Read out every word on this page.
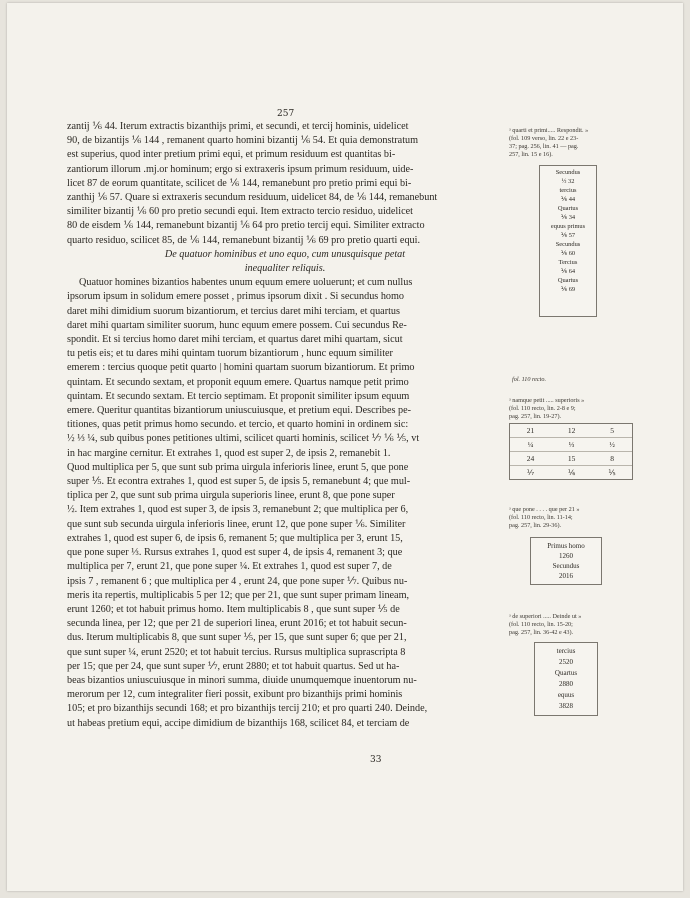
257

zantij ⅙ 44. Iterum extractis bizanthijs primi, et secundi, et tercij hominis, uidelicet

90, de bizantijs ⅙ 144 , remanent quarto homini bizantij ⅙ 54. Et quia demonstratum

est superius, quod inter pretium primi equi, et primum residuum est quantitas bi-

zantiorum illorum .mj.or hominum; ergo si extraxeris ipsum primum residuum, uide-

licet 87 de eorum quantitate, scilicet de ⅙ 144, remanebunt pro pretio primi equi bi-

zanthij ⅙ 57. Quare si extraxeris secundum residuum, uidelicet 84, de ⅙ 144, remanebunt

similiter bizantij ⅙ 60 pro pretio secundi equi. Item extracto tercio residuo, uidelicet

80 de eisdem ⅙ 144, remanebunt bizantij ⅙ 64 pro pretio tercij equi. Similiter extracto

quarto residuo, scilicet 85, de ⅙ 144, remanebunt bizantij ⅙ 69 pro pretio quarti equi.

De quatuor hominibus et uno equo, cum unusquisque petat

inequaliter reliquis.

Quatuor homines bizantios habentes unum equum emere uoluerunt; et cum nullus

ipsorum ipsum in solidum emere posset , primus ipsorum dixit . Si secundus homo

daret mihi dimidium suorum bizantiorum, et tercius daret mihi terciam, et quartus

daret mihi quartam similiter suorum, hunc equum emere possem. Cui secundus Re-

spondit. Et si tercius homo daret mihi terciam, et quartus daret mihi quartam, sicut

tu petis eis; et tu dares mihi quintam tuorum bizantiorum , hunc equum similiter

emerem : tercius quoque petit quarto | homini quartam suorum bizantiorum. Et primo

quintam. Et secundo sextam, et proponit equum emere. Quartus namque petit primo

quintam. Et secundo sextam. Et tercio septimam. Et proponit similiter ipsum equum

emere. Queritur quantitas bizantiorum uniuscuiusque, et pretium equi. Describes pe-

titiones, quas petit primus homo secundo. et tercio, et quarto homini in ordinem sic:

½ ⅓ ¼, sub quibus pones petitiones ultimi, scilicet quarti hominis, scilicet ⅐ ⅙ ⅕, vt

in hac margine cernitur. Et extrahes 1, quod est super 2, de ipsis 2, remanebit 1.

Quod multiplica per 5, que sunt sub prima uirgula inferioris linee, erunt 5, que pone

super ⅕. Et econtra extrahes 1, quod est super 5, de ipsis 5, remanebunt 4; que mul-

tiplica per 2, que sunt sub prima uirgula superioris linee, erunt 8, que pone super

½. Item extrahes 1, quod est super 3, de ipsis 3, remanebunt 2; que multiplica per 6,

que sunt sub secunda uirgula inferioris linee, erunt 12, que pone super ⅙. Similiter

extrahes 1, quod est super 6, de ipsis 6, remanent 5; que multiplica per 3, erunt 15,

que pone super ⅓. Rursus extrahes 1, quod est super 4, de ipsis 4, remanent 3; que

multiplica per 7, erunt 21, que pone super ¼. Et extrahes 1, quod est super 7, de

ipsis 7 , remanent 6 ; que multiplica per 4 , erunt 24, que pone super ⅐. Quibus nu-

meris ita repertis, multiplicabis 5 per 12; que per 21, que sunt super primam lineam,

erunt 1260; et tot habuit primus homo. Item multiplicabis 8 , que sunt super ⅕ de

secunda linea, per 12; que per 21 de superiori linea, erunt 2016; et tot habuit secun-

dus. Iterum multiplicabis 8, que sunt super ⅕, per 15, que sunt super 6; que per 21,

que sunt super ¼, erunt 2520; et tot habuit tercius. Rursus multiplica suprascripta 8

per 15; que per 24, que sunt super ⅐, erunt 2880; et tot habuit quartus. Sed ut ha-

beas bizantios uniuscuiusque in minori summa, diuide unumquemque inuentorum nu-

merorum per 12, cum integraliter fieri possit, exibunt pro bizanthijs primi hominis

105; et pro bizanthijs secundi 168; et pro bizanthijs tercij 210; et pro quarti 240. Deinde,

ut habeas pretium equi, accipe dimidium de bizanthijs 168, scilicet 84, et terciam de

33
ᵃ quarti et primi..... Respondit. »
(fol. 109 verso, lin. 22 e 23-
37; pag. 256, lin. 41 — pag.
257, lin. 15 e 16).
Secundus
½ 32
tercius
⅙ 44
Quartus
⅙ 34
equus primus
⅙ 57
Secundus
⅙ 60
Tercius
⅙ 64
Quartus
⅙ 69
fol. 110 recto.
ᵃ namque petit ..... superioris »
(fol. 110 recto, lin. 2-8 e 9;
pag. 257, lin. 19-27).
21	12	5
¼	⅓	½
24	15	8
⅐	⅙	⅕
ᵃ que pone . . . . que per 21 »
(fol. 110 recto, lin. 11-14;
pag. 257, lin. 29-36).
Primus homo
1260
Secundus
2016
ᵃ de superiori ..... Deinde ut »
(fol. 110 recto, lin. 15-20;
pag. 257, lin. 36-42 e 43).
tercius
2520
Quartus
2880
equus
3828
